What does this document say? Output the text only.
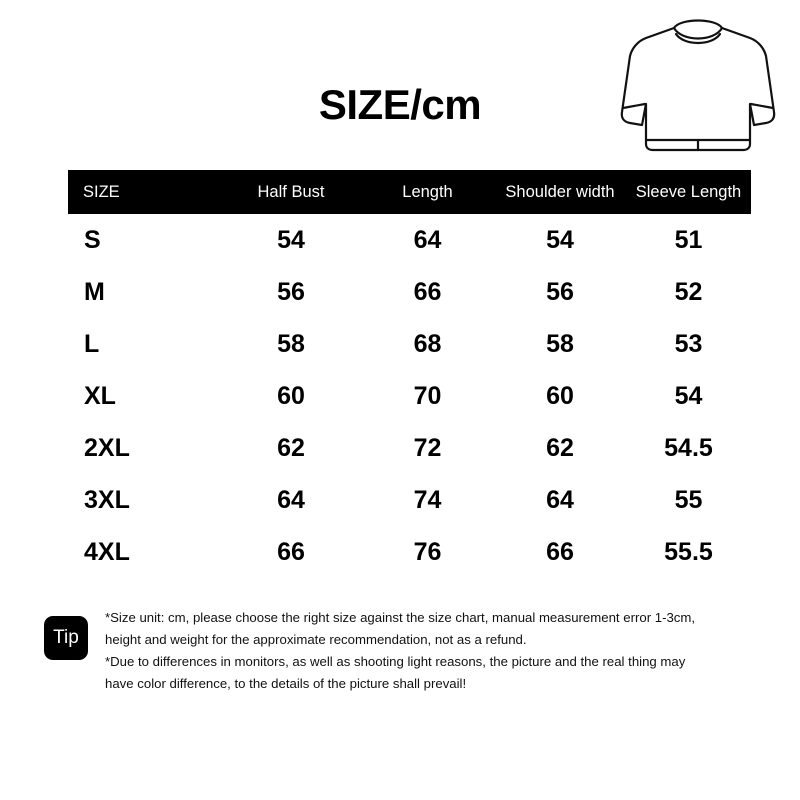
SIZE/cm
SIZE	Half Bust	Length	Shoulder width	Sleeve Length
S	54	64	54	51
M	56	66	56	52
L	58	68	58	53
XL	60	70	60	54
2XL	62	72	62	54.5
3XL	64	74	64	55
4XL	66	76	66	55.5
Tip

*Size unit: cm, please choose the right size against the size chart, manual measurement error 1-3cm,

height and weight for the approximate recommendation, not as a refund.

*Due to differences in monitors, as well as shooting light reasons, the picture and the real thing may

have color difference, to the details of the picture shall prevail!
